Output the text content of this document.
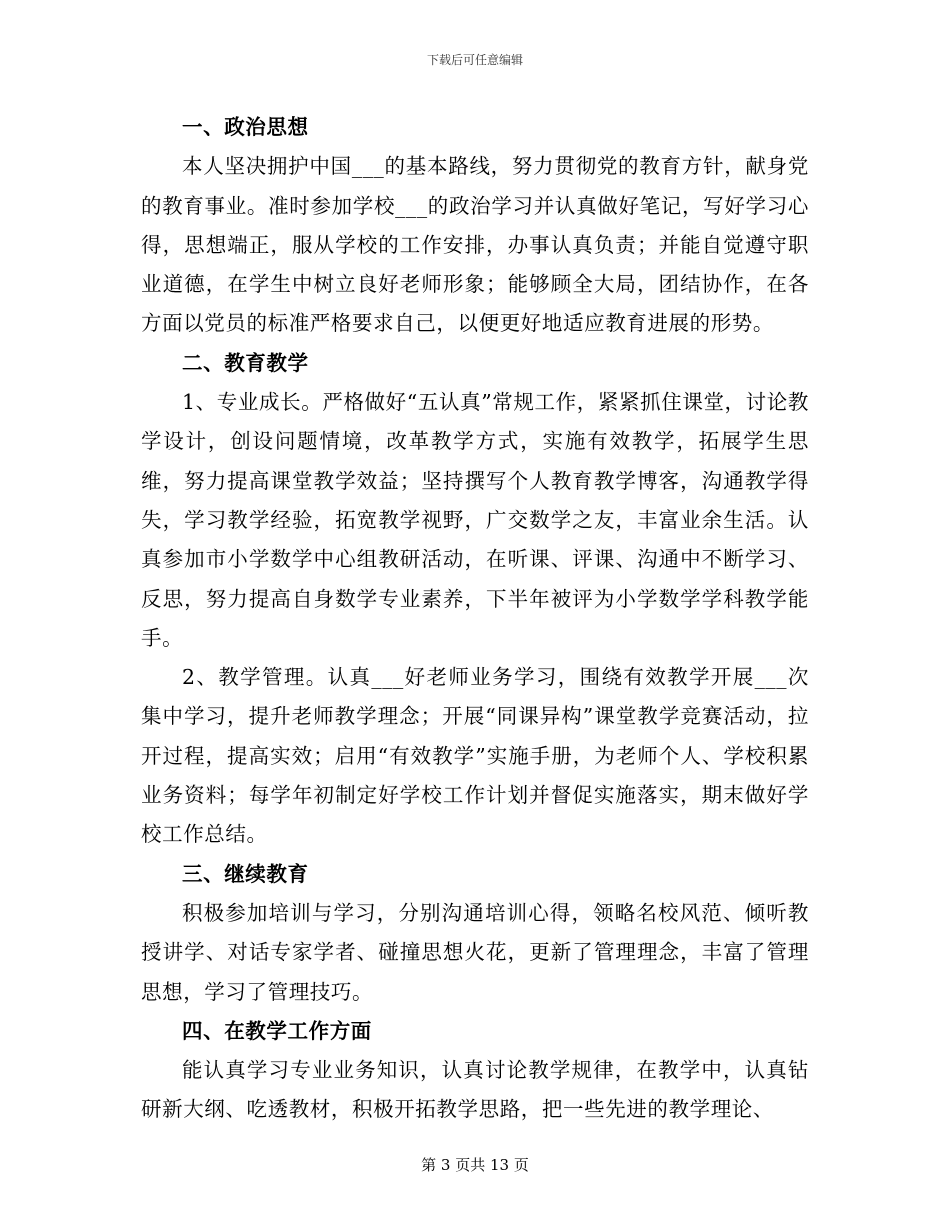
下载后可任意编辑

一、政治思想

本人坚决拥护中国___的基本路线，努力贯彻党的教育方针，献身党的教育事业。准时参加学校___的政治学习并认真做好笔记，写好学习心得，思想端正，服从学校的工作安排，办事认真负责；并能自觉遵守职业道德，在学生中树立良好老师形象；能够顾全大局，团结协作，在各方面以党员的标准严格要求自己，以便更好地适应教育进展的形势。

二、教育教学

1、专业成长。严格做好“五认真”常规工作，紧紧抓住课堂，讨论教学设计，创设问题情境，改革教学方式，实施有效教学，拓展学生思维，努力提高课堂教学效益；坚持撰写个人教育教学博客，沟通教学得失，学习教学经验，拓宽教学视野，广交数学之友，丰富业余生活。认真参加市小学数学中心组教研活动，在听课、评课、沟通中不断学习、反思，努力提高自身数学专业素养，下半年被评为小学数学学科教学能手。

2、教学管理。认真___好老师业务学习，围绕有效教学开展___次集中学习，提升老师教学理念；开展“同课异构”课堂教学竞赛活动，拉开过程，提高实效；启用“有效教学”实施手册，为老师个人、学校积累业务资料；每学年初制定好学校工作计划并督促实施落实，期末做好学校工作总结。

三、继续教育

积极参加培训与学习，分别沟通培训心得，领略名校风范、倾听教授讲学、对话专家学者、碰撞思想火花，更新了管理理念，丰富了管理思想，学习了管理技巧。

四、在教学工作方面

能认真学习专业业务知识，认真讨论教学规律，在教学中，认真钻研新大纲、吃透教材，积极开拓教学思路，把一些先进的教学理论、

第 3 页共 13 页
